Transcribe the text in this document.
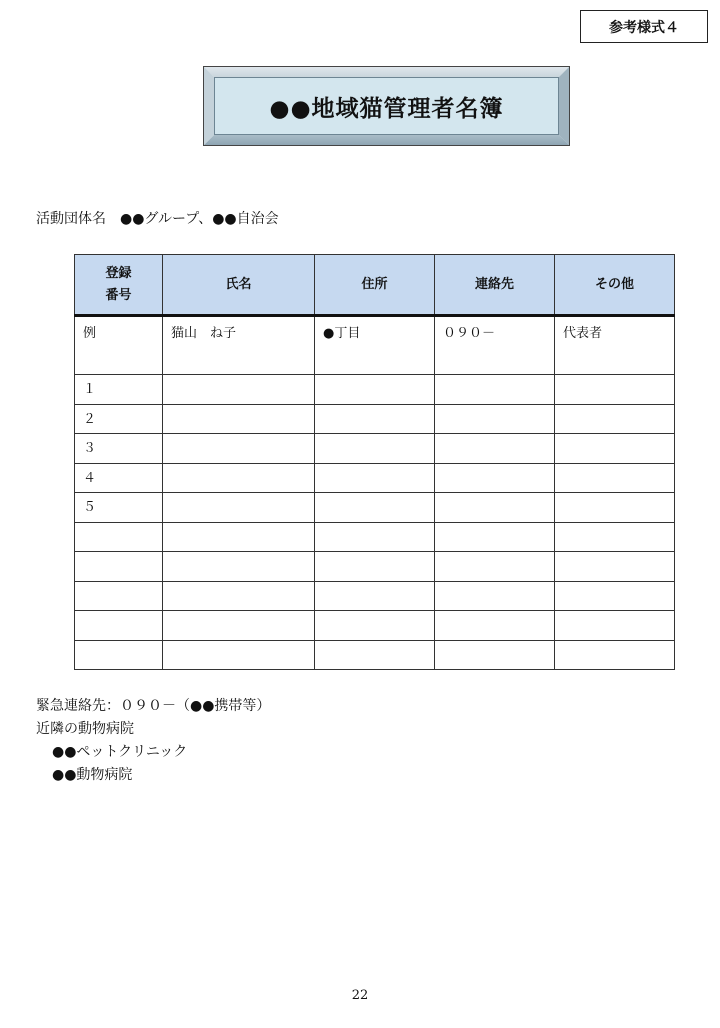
参考様式４
●●地域猫管理者名簿
活動団体名 ●●グループ、●●自治会
登録
番号	氏名	住所	連絡先	その他
例	猫山　ね子	●丁目	０９０－	代表者
１				
２				
３				
４				
５				

緊急連絡先：０９０－（●●携帯等）
近隣の動物病院
●●ペットクリニック
●●動物病院
22
